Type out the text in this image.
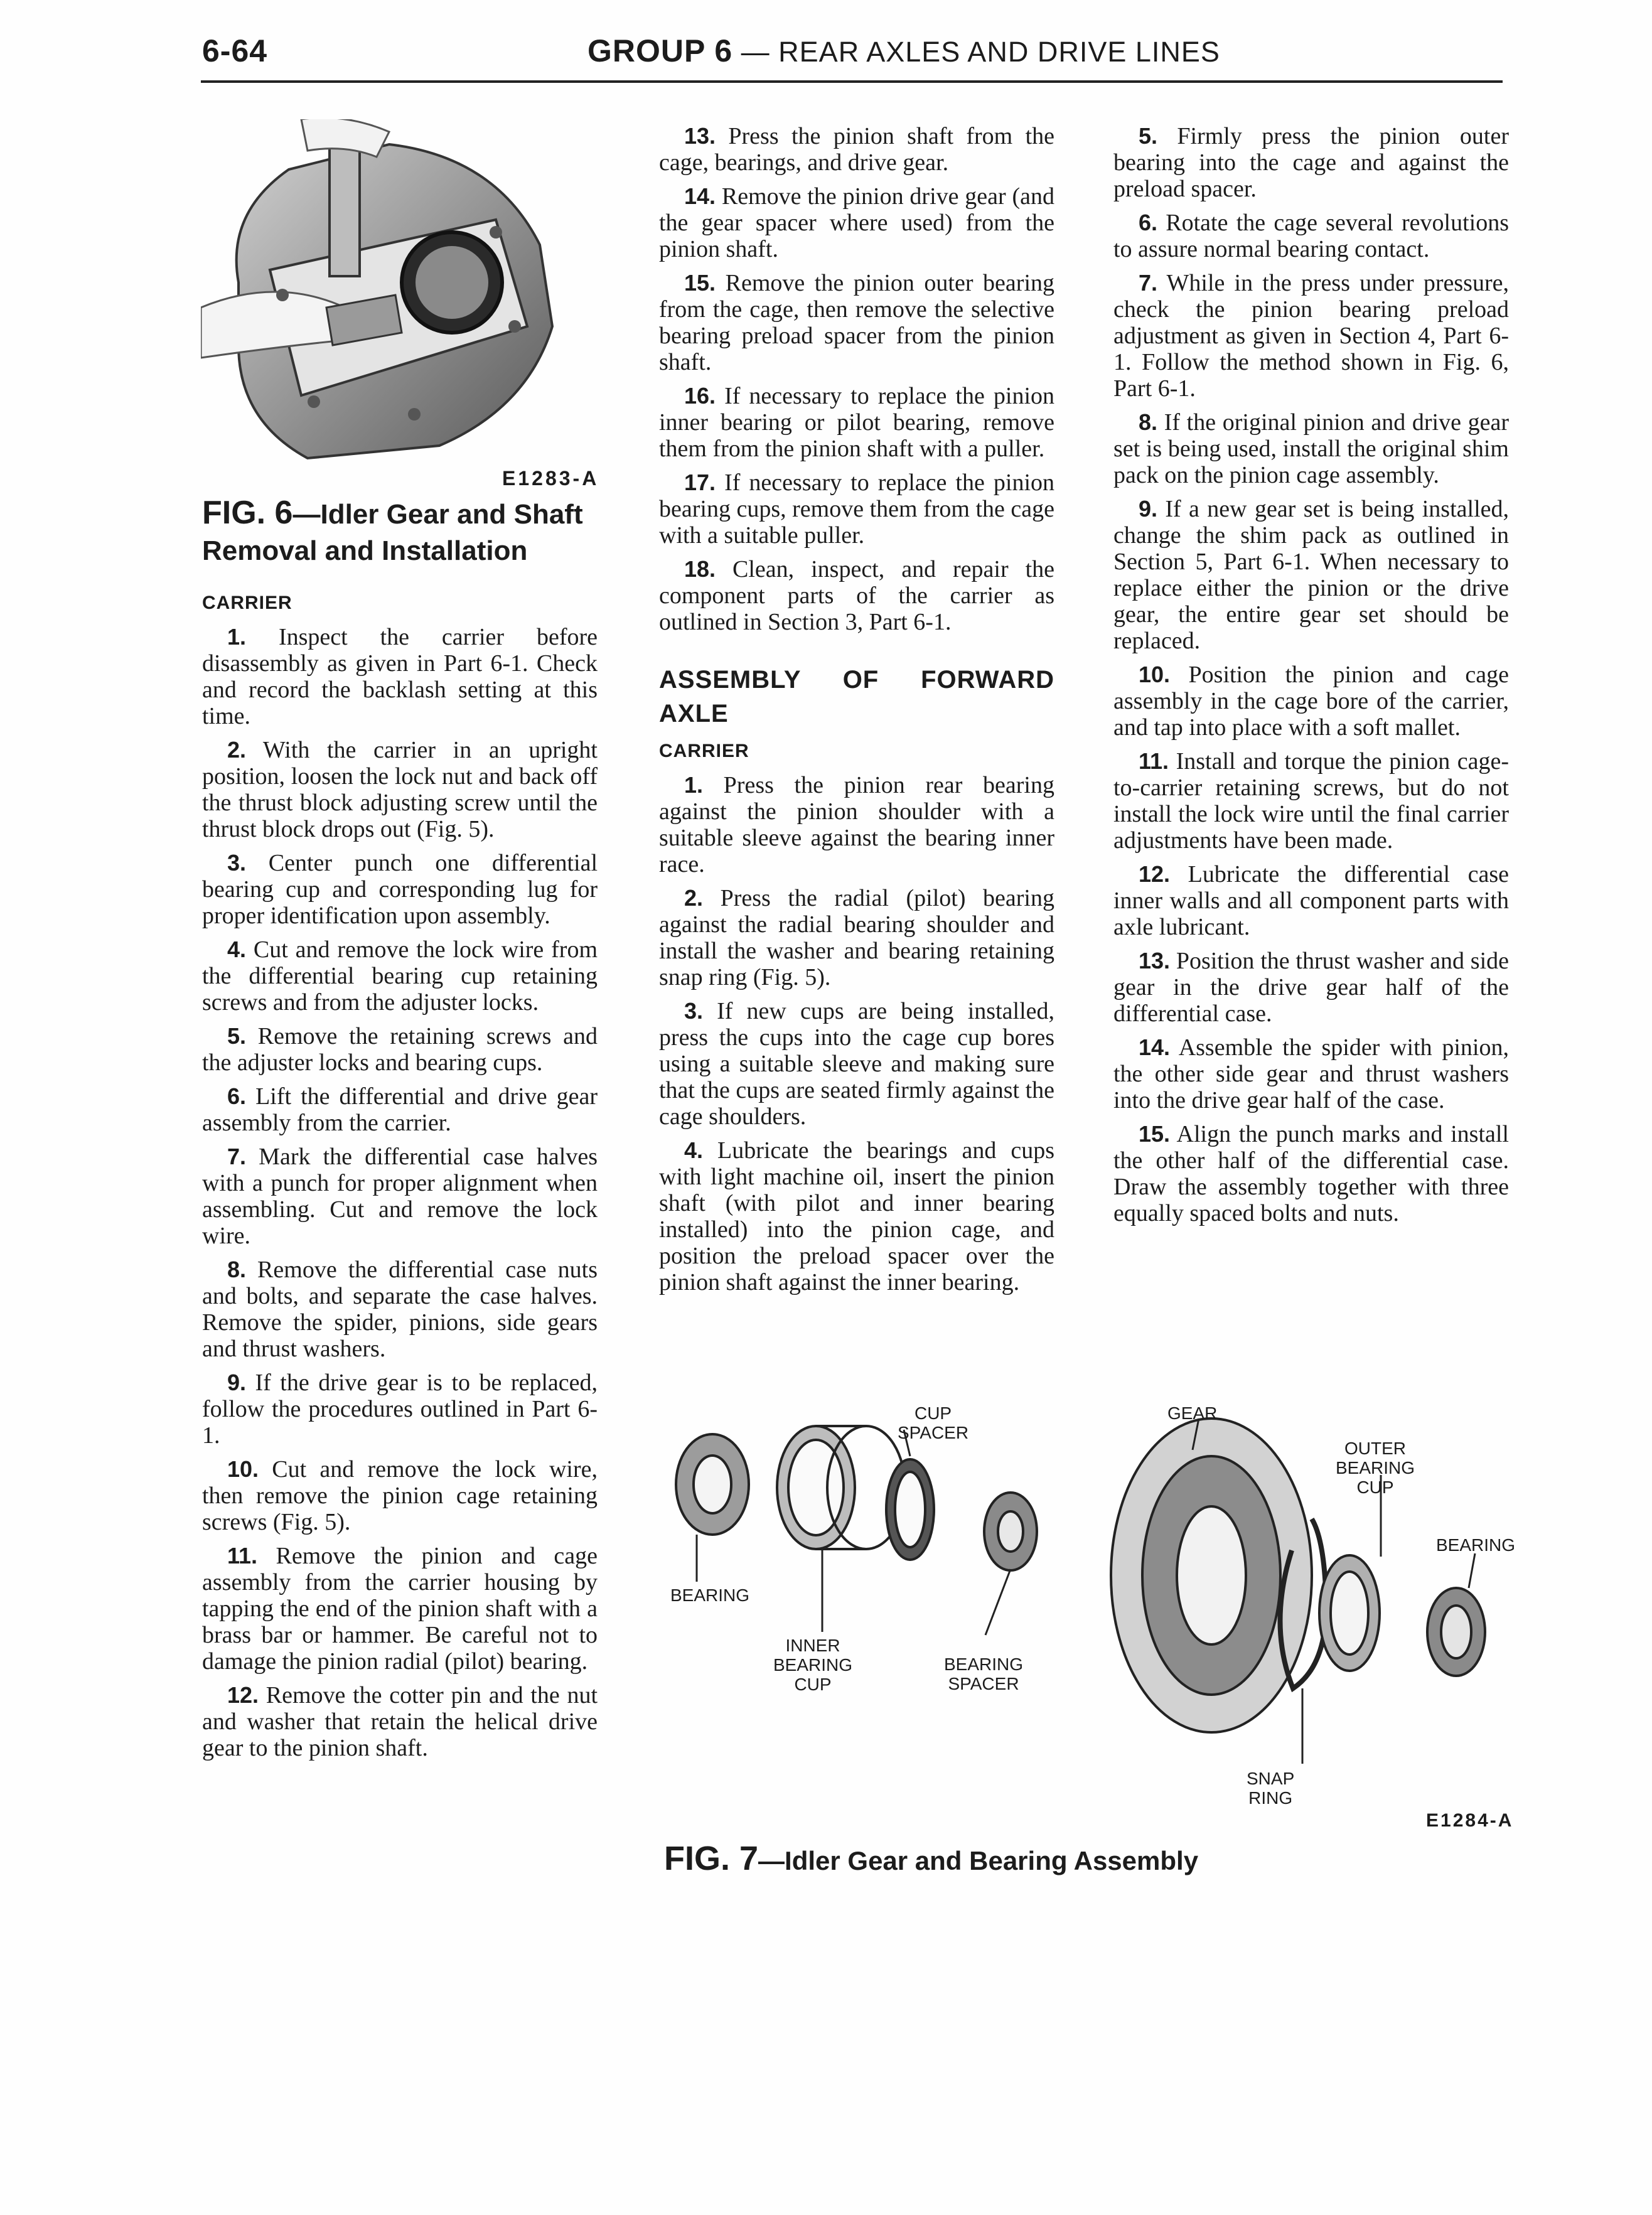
6-64	GROUP 6 — REAR AXLES AND DRIVE LINES
E1283-A
FIG. 6—Idler Gear and Shaft Removal and Installation
CARRIER

1. Inspect the carrier before disassembly as given in Part 6-1. Check and record the backlash setting at this time.

2. With the carrier in an upright position, loosen the lock nut and back off the thrust block adjusting screw until the thrust block drops out (Fig. 5).

3. Center punch one differential bearing cup and corresponding lug for proper identification upon assembly.

4. Cut and remove the lock wire from the differential bearing cup retaining screws and from the adjuster locks.

5. Remove the retaining screws and the adjuster locks and bearing cups.

6. Lift the differential and drive gear assembly from the carrier.

7. Mark the differential case halves with a punch for proper alignment when assembling. Cut and remove the lock wire.

8. Remove the differential case nuts and bolts, and separate the case halves. Remove the spider, pinions, side gears and thrust washers.

9. If the drive gear is to be replaced, follow the procedures outlined in Part 6-1.

10. Cut and remove the lock wire, then remove the pinion cage retaining screws (Fig. 5).

11. Remove the pinion and cage assembly from the carrier housing by tapping the end of the pinion shaft with a brass bar or hammer. Be careful not to damage the pinion radial (pilot) bearing.

12. Remove the cotter pin and the nut and washer that retain the helical drive gear to the pinion shaft.

13. Press the pinion shaft from the cage, bearings, and drive gear.

14. Remove the pinion drive gear (and the gear spacer where used) from the pinion shaft.

15. Remove the pinion outer bearing from the cage, then remove the selective bearing preload spacer from the pinion shaft.

16. If necessary to replace the pinion inner bearing or pilot bearing, remove them from the pinion shaft with a puller.

17. If necessary to replace the pinion bearing cups, remove them from the cage with a suitable puller.

18. Clean, inspect, and repair the component parts of the carrier as outlined in Section 3, Part 6-1.

ASSEMBLY OF FORWARD AXLE
CARRIER

1. Press the pinion rear bearing against the pinion shoulder with a suitable sleeve against the bearing inner race.

2. Press the radial (pilot) bearing against the radial bearing shoulder and install the washer and bearing retaining snap ring (Fig. 5).

3. If new cups are being installed, press the cups into the cage cup bores using a suitable sleeve and making sure that the cups are seated firmly against the cage shoulders.

4. Lubricate the bearings and cups with light machine oil, insert the pinion shaft (with pilot and inner bearing installed) into the pinion cage, and position the preload spacer over the pinion shaft against the inner bearing.

5. Firmly press the pinion outer bearing into the cage and against the preload spacer.

6. Rotate the cage several revolutions to assure normal bearing contact.

7. While in the press under pressure, check the pinion bearing preload adjustment as given in Section 4, Part 6-1. Follow the method shown in Fig. 6, Part 6-1.

8. If the original pinion and drive gear set is being used, install the original shim pack on the pinion cage assembly.

9. If a new gear set is being installed, change the shim pack as outlined in Section 5, Part 6-1. When necessary to replace either the pinion or the drive gear, the entire gear set should be replaced.

10. Position the pinion and cage assembly in the cage bore of the carrier, and tap into place with a soft mallet.

11. Install and torque the pinion cage-to-carrier retaining screws, but do not install the lock wire until the final carrier adjustments have been made.

12. Lubricate the differential case inner walls and all component parts with axle lubricant.

13. Position the thrust washer and side gear in the drive gear half of the differential case.

14. Assemble the spider with pinion, the other side gear and thrust washers into the drive gear half of the case.

15. Align the punch marks and install the other half of the differential case. Draw the assembly together with three equally spaced bolts and nuts.

CUP
SPACER
GEAR
OUTER
BEARING
CUP
BEARING
BEARING
INNER
BEARING
CUP
BEARING
SPACER
SNAP
RING
E1284-A
FIG. 7—Idler Gear and Bearing Assembly
